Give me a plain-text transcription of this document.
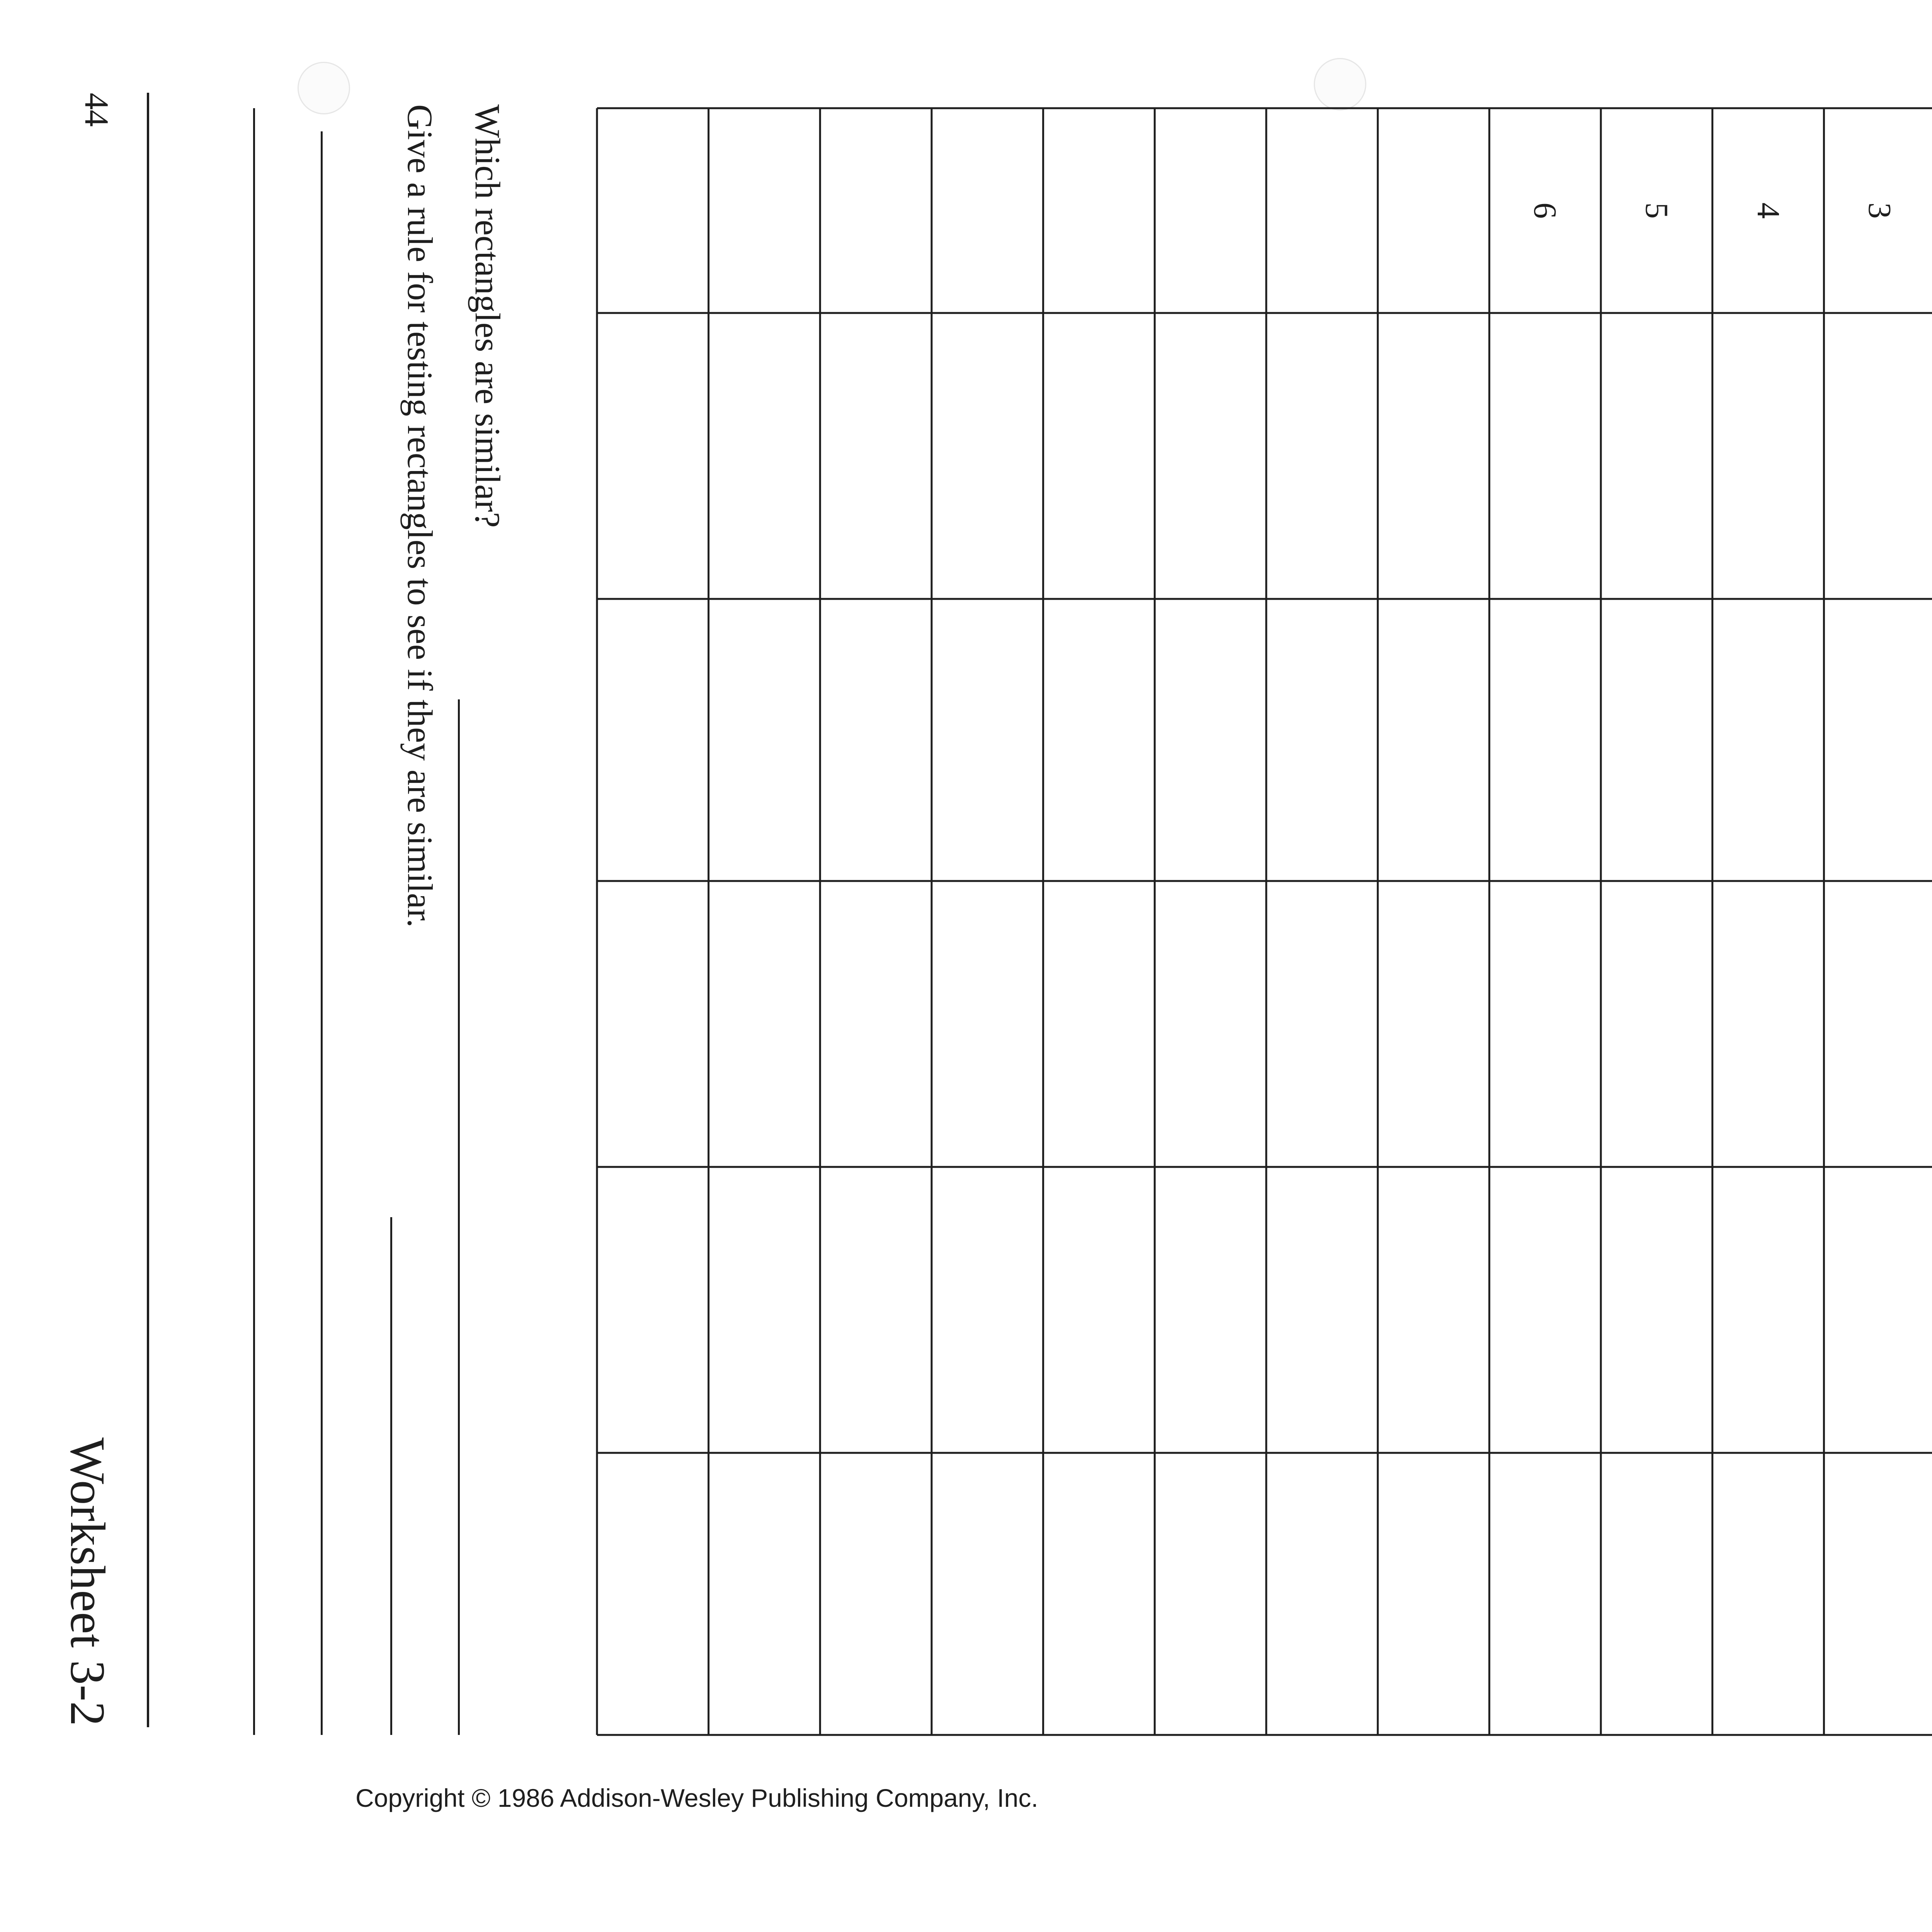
3
4
5
6
Which rectangles are similar?
Give a rule for testing rectangles to see if they are similar.
44
Worksheet 3-2
Copyright © 1986 Addison-Wesley Publishing Company, Inc.
